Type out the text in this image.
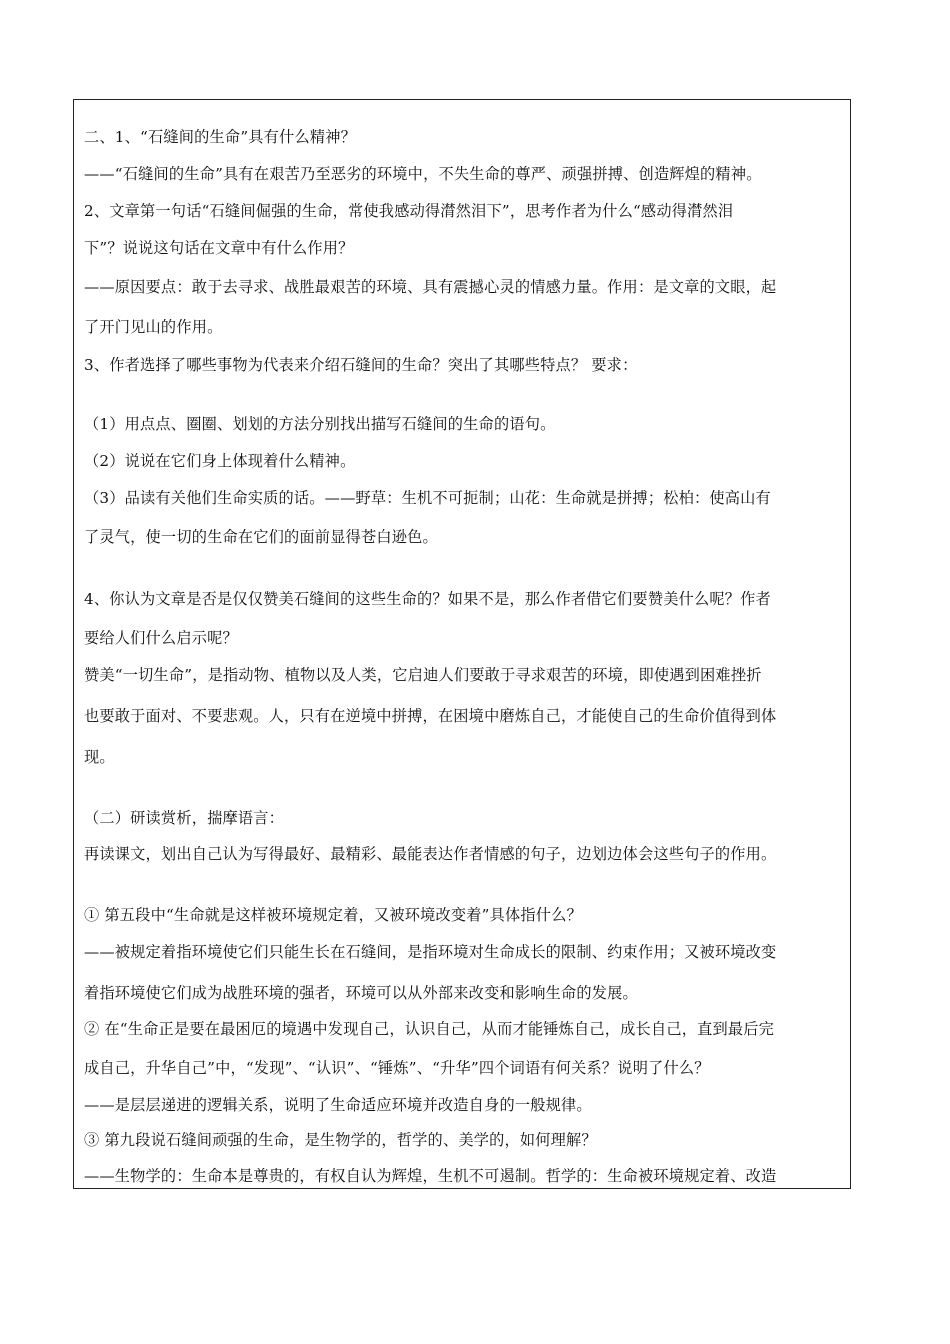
二、1、“石缝间的生命”具有什么精神？
——“石缝间的生命”具有在艰苦乃至恶劣的环境中，不失生命的尊严、顽强拼搏、创造辉煌的精神。
2、文章第一句话“石缝间倔强的生命，常使我感动得潸然泪下”，思考作者为什么“感动得潸然泪
下”？说说这句话在文章中有什么作用？
——原因要点：敢于去寻求、战胜最艰苦的环境、具有震撼心灵的情感力量。作用：是文章的文眼，起
了开门见山的作用。
3、作者选择了哪些事物为代表来介绍石缝间的生命？突出了其哪些特点？ 要求：
（1）用点点、圈圈、划划的方法分别找出描写石缝间的生命的语句。
（2）说说在它们身上体现着什么精神。
（3）品读有关他们生命实质的话。——野草：生机不可扼制；山花：生命就是拼搏；松柏：使高山有
了灵气，使一切的生命在它们的面前显得苍白逊色。
4、你认为文章是否是仅仅赞美石缝间的这些生命的？如果不是，那么作者借它们要赞美什么呢？作者
要给人们什么启示呢？
赞美“一切生命”，是指动物、植物以及人类，它启迪人们要敢于寻求艰苦的环境，即使遇到困难挫折
也要敢于面对、不要悲观。人，只有在逆境中拼搏，在困境中磨炼自己，才能使自己的生命价值得到体
现。
（二）研读赏析，揣摩语言：
再读课文，划出自己认为写得最好、最精彩、最能表达作者情感的句子，边划边体会这些句子的作用。
① 第五段中“生命就是这样被环境规定着，又被环境改变着”具体指什么？
——被规定着指环境使它们只能生长在石缝间，是指环境对生命成长的限制、约束作用；又被环境改变
着指环境使它们成为战胜环境的强者，环境可以从外部来改变和影响生命的发展。
② 在“生命正是要在最困厄的境遇中发现自己，认识自己，从而才能锤炼自己，成长自己，直到最后完
成自己，升华自己”中，“发现”、“认识”、“锤炼”、“升华”四个词语有何关系？说明了什么？
——是层层递进的逻辑关系，说明了生命适应环境并改造自身的一般规律。
③ 第九段说石缝间顽强的生命，是生物学的，哲学的、美学的，如何理解？
——生物学的：生命本是尊贵的，有权自认为辉煌，生机不可遏制。哲学的：生命被环境规定着、改造
